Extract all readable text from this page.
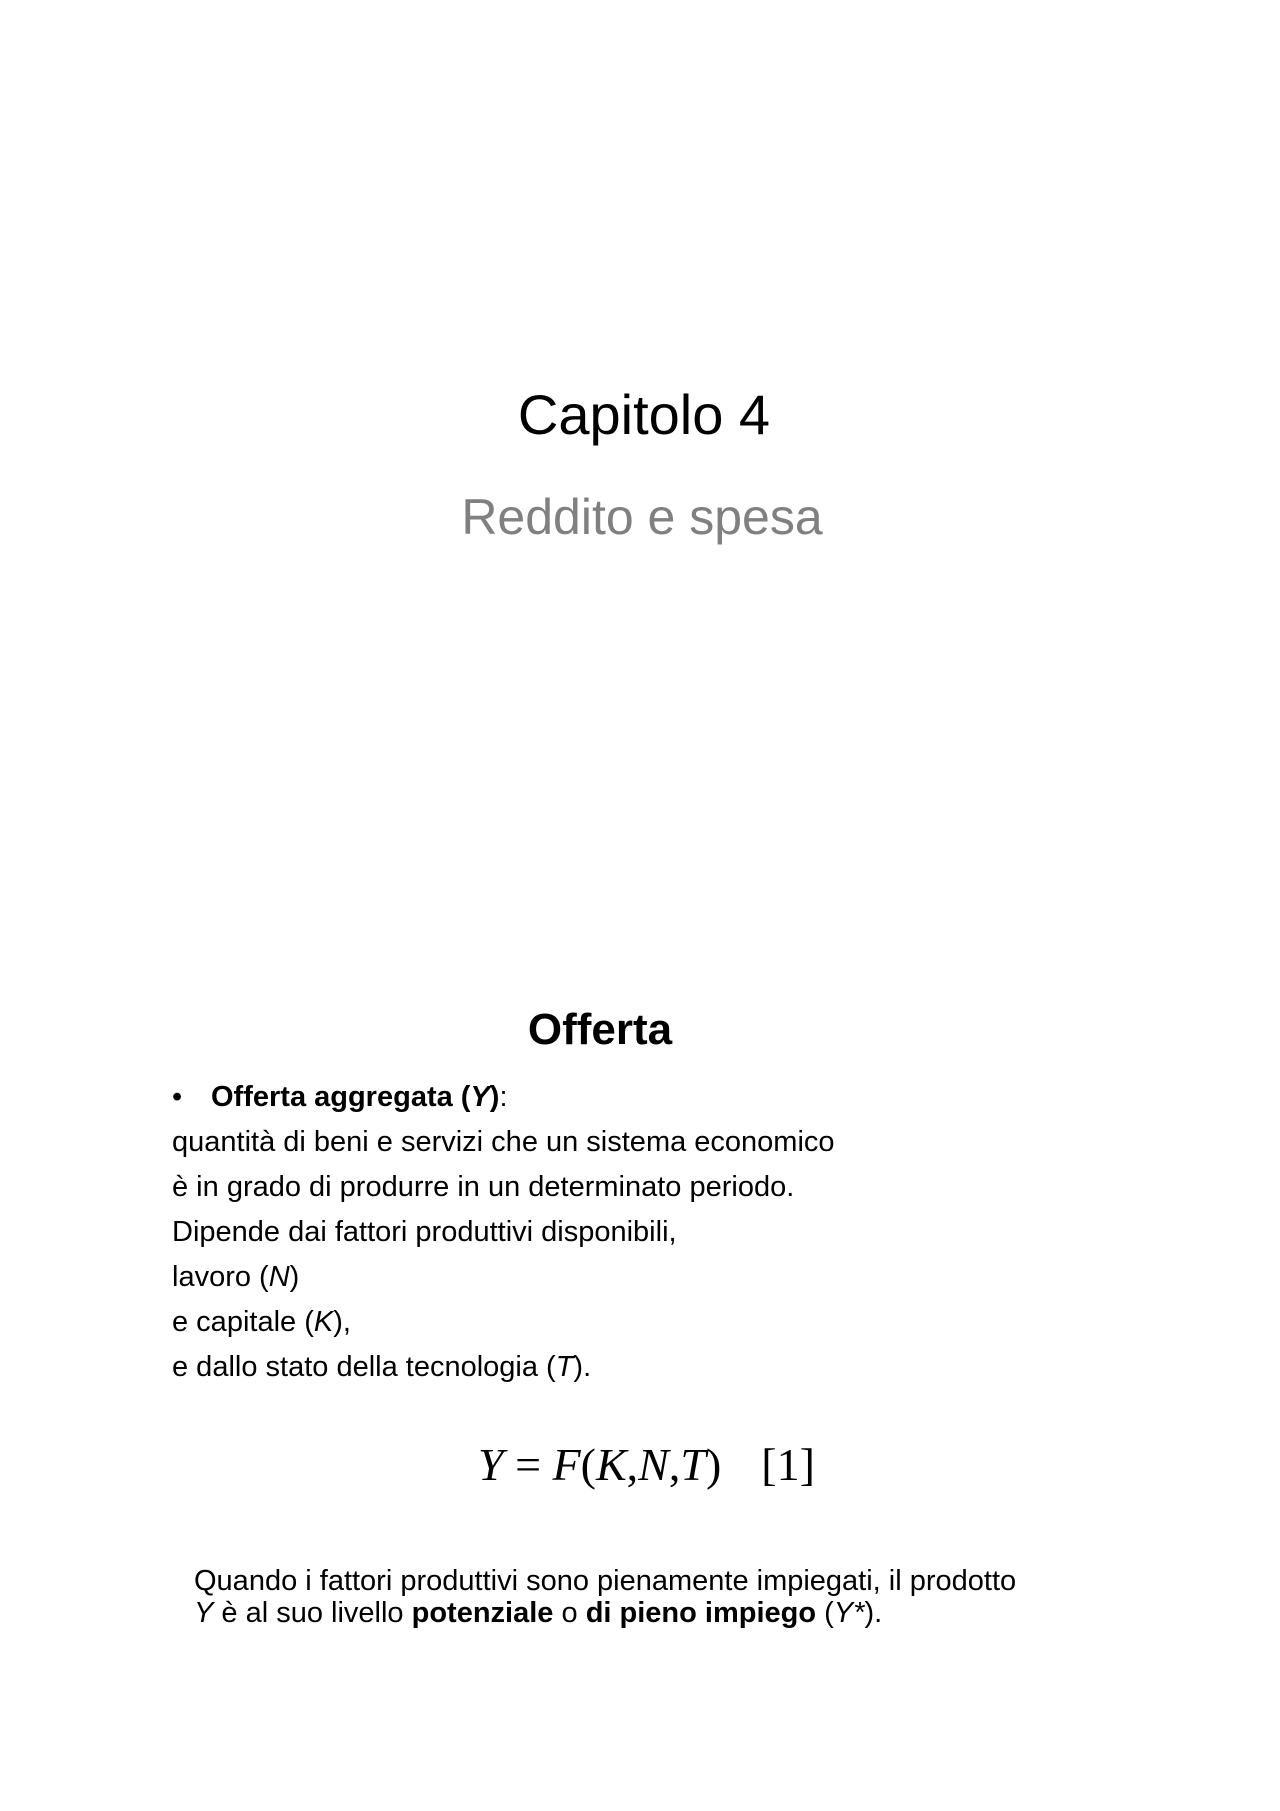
Capitolo 4
Reddito e spesa
Offerta
• Offerta aggregata (Y):
quantità di beni e servizi che un sistema economico
è in grado di produrre in un determinato periodo.
Dipende dai fattori produttivi disponibili,
lavoro (N)
e capitale (K),
e dallo stato della tecnologia (T).
Y = F(K,N,T) [1]
Quando i fattori produttivi sono pienamente impiegati, il prodotto
Y è al suo livello potenziale o di pieno impiego (Y*).
